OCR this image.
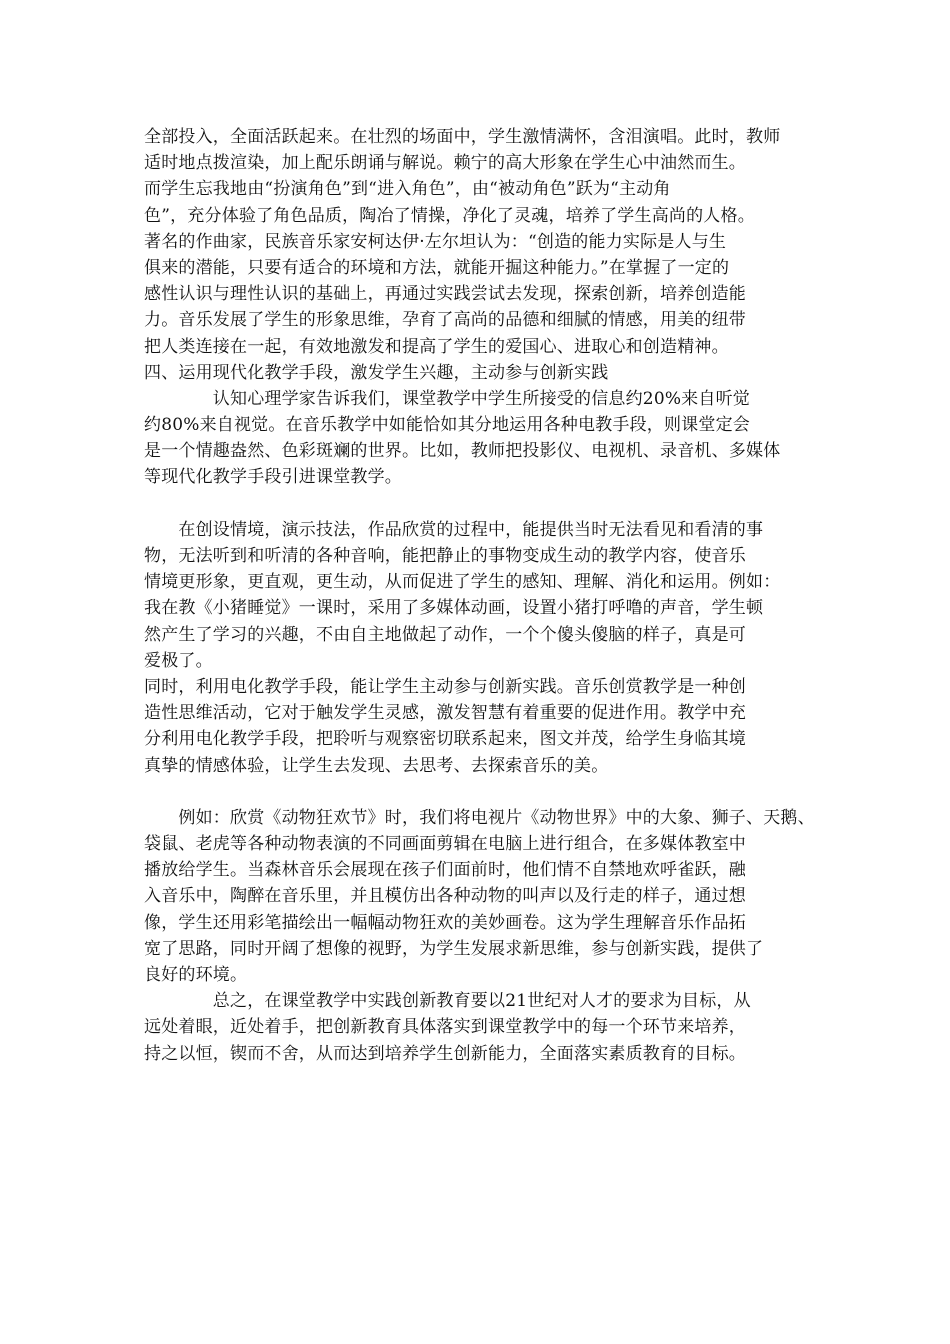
全部投入，全面活跃起来。在壮烈的场面中，学生激情满怀，含泪演唱。此时，教师
适时地点拨渲染，加上配乐朗诵与解说。赖宁的高大形象在学生心中油然而生。
而学生忘我地由“扮演角色”到“进入角色”，由“被动角色”跃为“主动角
色”，充分体验了角色品质，陶冶了情操，净化了灵魂，培养了学生高尚的人格。
著名的作曲家，民族音乐家安柯达伊·左尔坦认为：“创造的能力实际是人与生
俱来的潜能，只要有适合的环境和方法，就能开掘这种能力。”在掌握了一定的
感性认识与理性认识的基础上，再通过实践尝试去发现，探索创新，培养创造能
力。音乐发展了学生的形象思维，孕育了高尚的品德和细腻的情感，用美的纽带
把人类连接在一起，有效地激发和提高了学生的爱国心、进取心和创造精神。
四、运用现代化教学手段，激发学生兴趣，主动参与创新实践
　　　　认知心理学家告诉我们，课堂教学中学生所接受的信息约20%来自听觉
约80%来自视觉。在音乐教学中如能恰如其分地运用各种电教手段，则课堂定会
是一个情趣盎然、色彩斑斓的世界。比如，教师把投影仪、电视机、录音机、多媒体
等现代化教学手段引进课堂教学。
　　在创设情境，演示技法，作品欣赏的过程中，能提供当时无法看见和看清的事
物，无法听到和听清的各种音响，能把静止的事物变成生动的教学内容，使音乐
情境更形象，更直观，更生动，从而促进了学生的感知、理解、消化和运用。例如：
我在教《小猪睡觉》一课时，采用了多媒体动画，设置小猪打呼噜的声音，学生顿
然产生了学习的兴趣，不由自主地做起了动作，一个个傻头傻脑的样子，真是可
爱极了。
同时，利用电化教学手段，能让学生主动参与创新实践。音乐创赏教学是一种创
造性思维活动，它对于触发学生灵感，激发智慧有着重要的促进作用。教学中充
分利用电化教学手段，把聆听与观察密切联系起来，图文并茂，给学生身临其境
真挚的情感体验，让学生去发现、去思考、去探索音乐的美。
　　例如：欣赏《动物狂欢节》时，我们将电视片《动物世界》中的大象、狮子、天鹅、
袋鼠、老虎等各种动物表演的不同画面剪辑在电脑上进行组合，在多媒体教室中
播放给学生。当森林音乐会展现在孩子们面前时，他们情不自禁地欢呼雀跃，融
入音乐中，陶醉在音乐里，并且模仿出各种动物的叫声以及行走的样子，通过想
像，学生还用彩笔描绘出一幅幅动物狂欢的美妙画卷。这为学生理解音乐作品拓
宽了思路，同时开阔了想像的视野，为学生发展求新思维，参与创新实践，提供了
良好的环境。
　　　　总之，在课堂教学中实践创新教育要以21世纪对人才的要求为目标，从
远处着眼，近处着手，把创新教育具体落实到课堂教学中的每一个环节来培养，
持之以恒，锲而不舍，从而达到培养学生创新能力，全面落实素质教育的目标。
